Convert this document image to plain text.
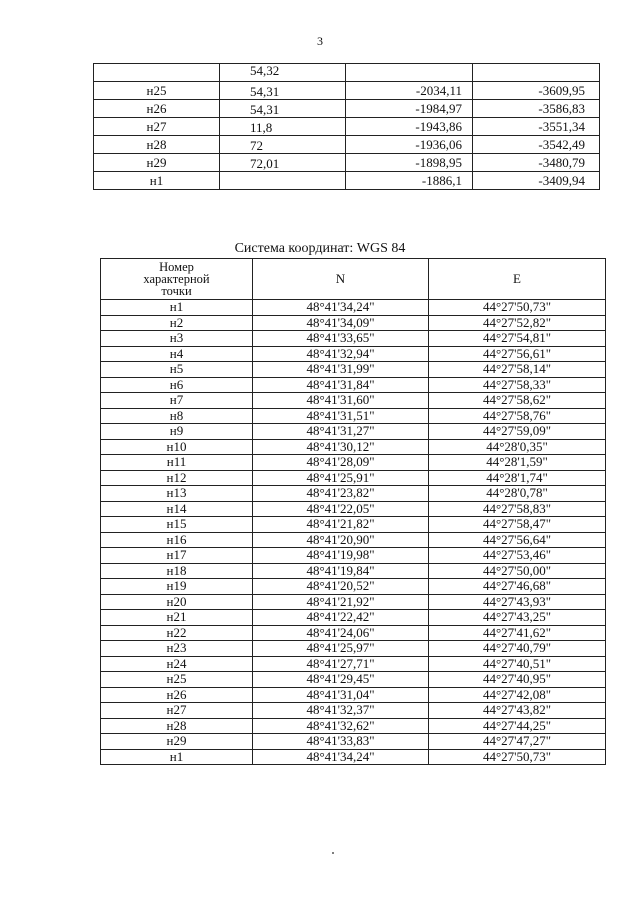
3
	54,32		
н25	54,31	-2034,11	-3609,95
н26	54,31	-1984,97	-3586,83
н27	11,8	-1943,86	-3551,34
н28	72	-1936,06	-3542,49
н29	72,01	-1898,95	-3480,79
н1		-1886,1	-3409,94
Система координат: WGS 84
Номер
характерной
точки	N	E
н1	48°41'34,24"	44°27'50,73"
н2	48°41'34,09"	44°27'52,82"
н3	48°41'33,65"	44°27'54,81"
н4	48°41'32,94"	44°27'56,61"
н5	48°41'31,99"	44°27'58,14"
н6	48°41'31,84"	44°27'58,33"
н7	48°41'31,60"	44°27'58,62"
н8	48°41'31,51"	44°27'58,76"
н9	48°41'31,27"	44°27'59,09"
н10	48°41'30,12"	44°28'0,35"
н11	48°41'28,09"	44°28'1,59"
н12	48°41'25,91"	44°28'1,74"
н13	48°41'23,82"	44°28'0,78"
н14	48°41'22,05"	44°27'58,83"
н15	48°41'21,82"	44°27'58,47"
н16	48°41'20,90"	44°27'56,64"
н17	48°41'19,98"	44°27'53,46"
н18	48°41'19,84"	44°27'50,00"
н19	48°41'20,52"	44°27'46,68"
н20	48°41'21,92"	44°27'43,93"
н21	48°41'22,42"	44°27'43,25"
н22	48°41'24,06"	44°27'41,62"
н23	48°41'25,97"	44°27'40,79"
н24	48°41'27,71"	44°27'40,51"
н25	48°41'29,45"	44°27'40,95"
н26	48°41'31,04"	44°27'42,08"
н27	48°41'32,37"	44°27'43,82"
н28	48°41'32,62"	44°27'44,25"
н29	48°41'33,83"	44°27'47,27"
н1	48°41'34,24"	44°27'50,73"
